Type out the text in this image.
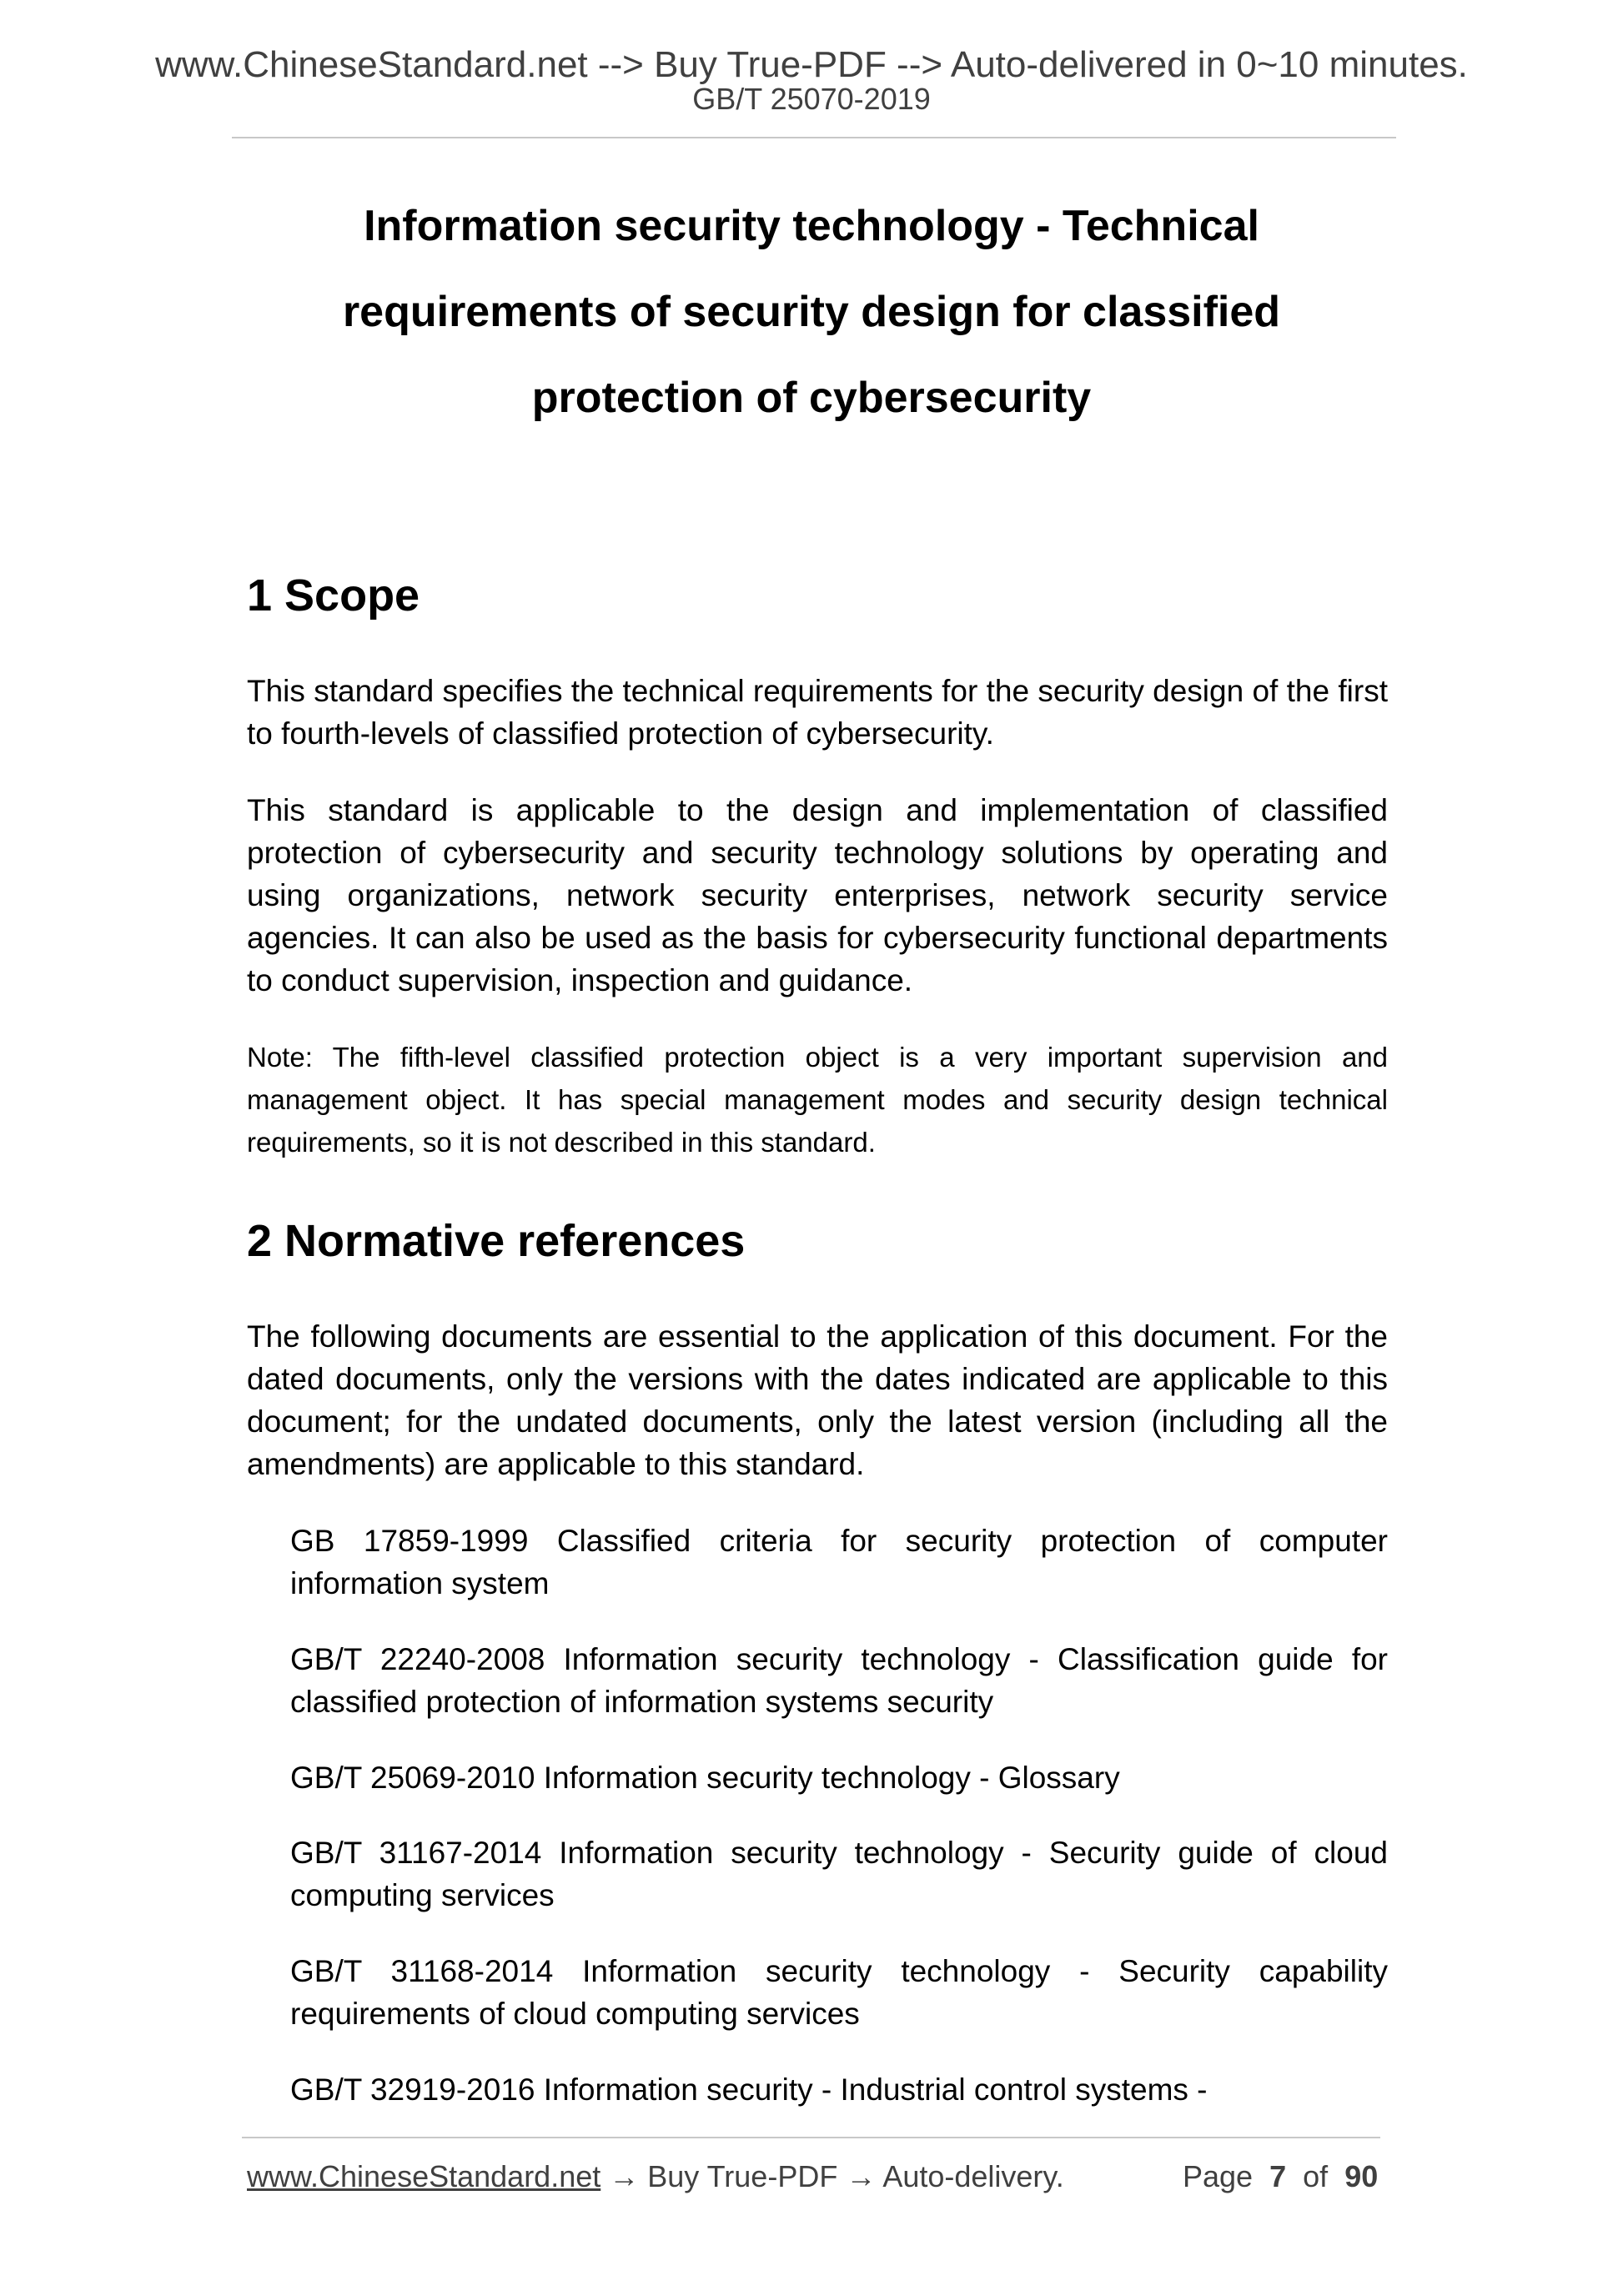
www.ChineseStandard.net --> Buy True-PDF --> Auto-delivered in 0~10 minutes.
GB/T 25070-2019
Information security technology - Technical
requirements of security design for classified
protection of cybersecurity
1 Scope
This standard specifies the technical requirements for the security design of the first to fourth-levels of classified protection of cybersecurity.
This standard is applicable to the design and implementation of classified protection of cybersecurity and security technology solutions by operating and using organizations, network security enterprises, network security service agencies. It can also be used as the basis for cybersecurity functional departments to conduct supervision, inspection and guidance.
Note: The fifth-level classified protection object is a very important supervision and management object. It has special management modes and security design technical requirements, so it is not described in this standard.
2 Normative references
The following documents are essential to the application of this document. For the dated documents, only the versions with the dates indicated are applicable to this document; for the undated documents, only the latest version (including all the amendments) are applicable to this standard.
GB 17859-1999 Classified criteria for security protection of computer information system
GB/T 22240-2008 Information security technology - Classification guide for classified protection of information systems security
GB/T 25069-2010 Information security technology - Glossary
GB/T 31167-2014 Information security technology - Security guide of cloud computing services
GB/T 31168-2014 Information security technology - Security capability requirements of cloud computing services
GB/T 32919-2016 Information security - Industrial control systems -
www.ChineseStandard.net → Buy True-PDF → Auto-delivery.	Page 7 of 90
